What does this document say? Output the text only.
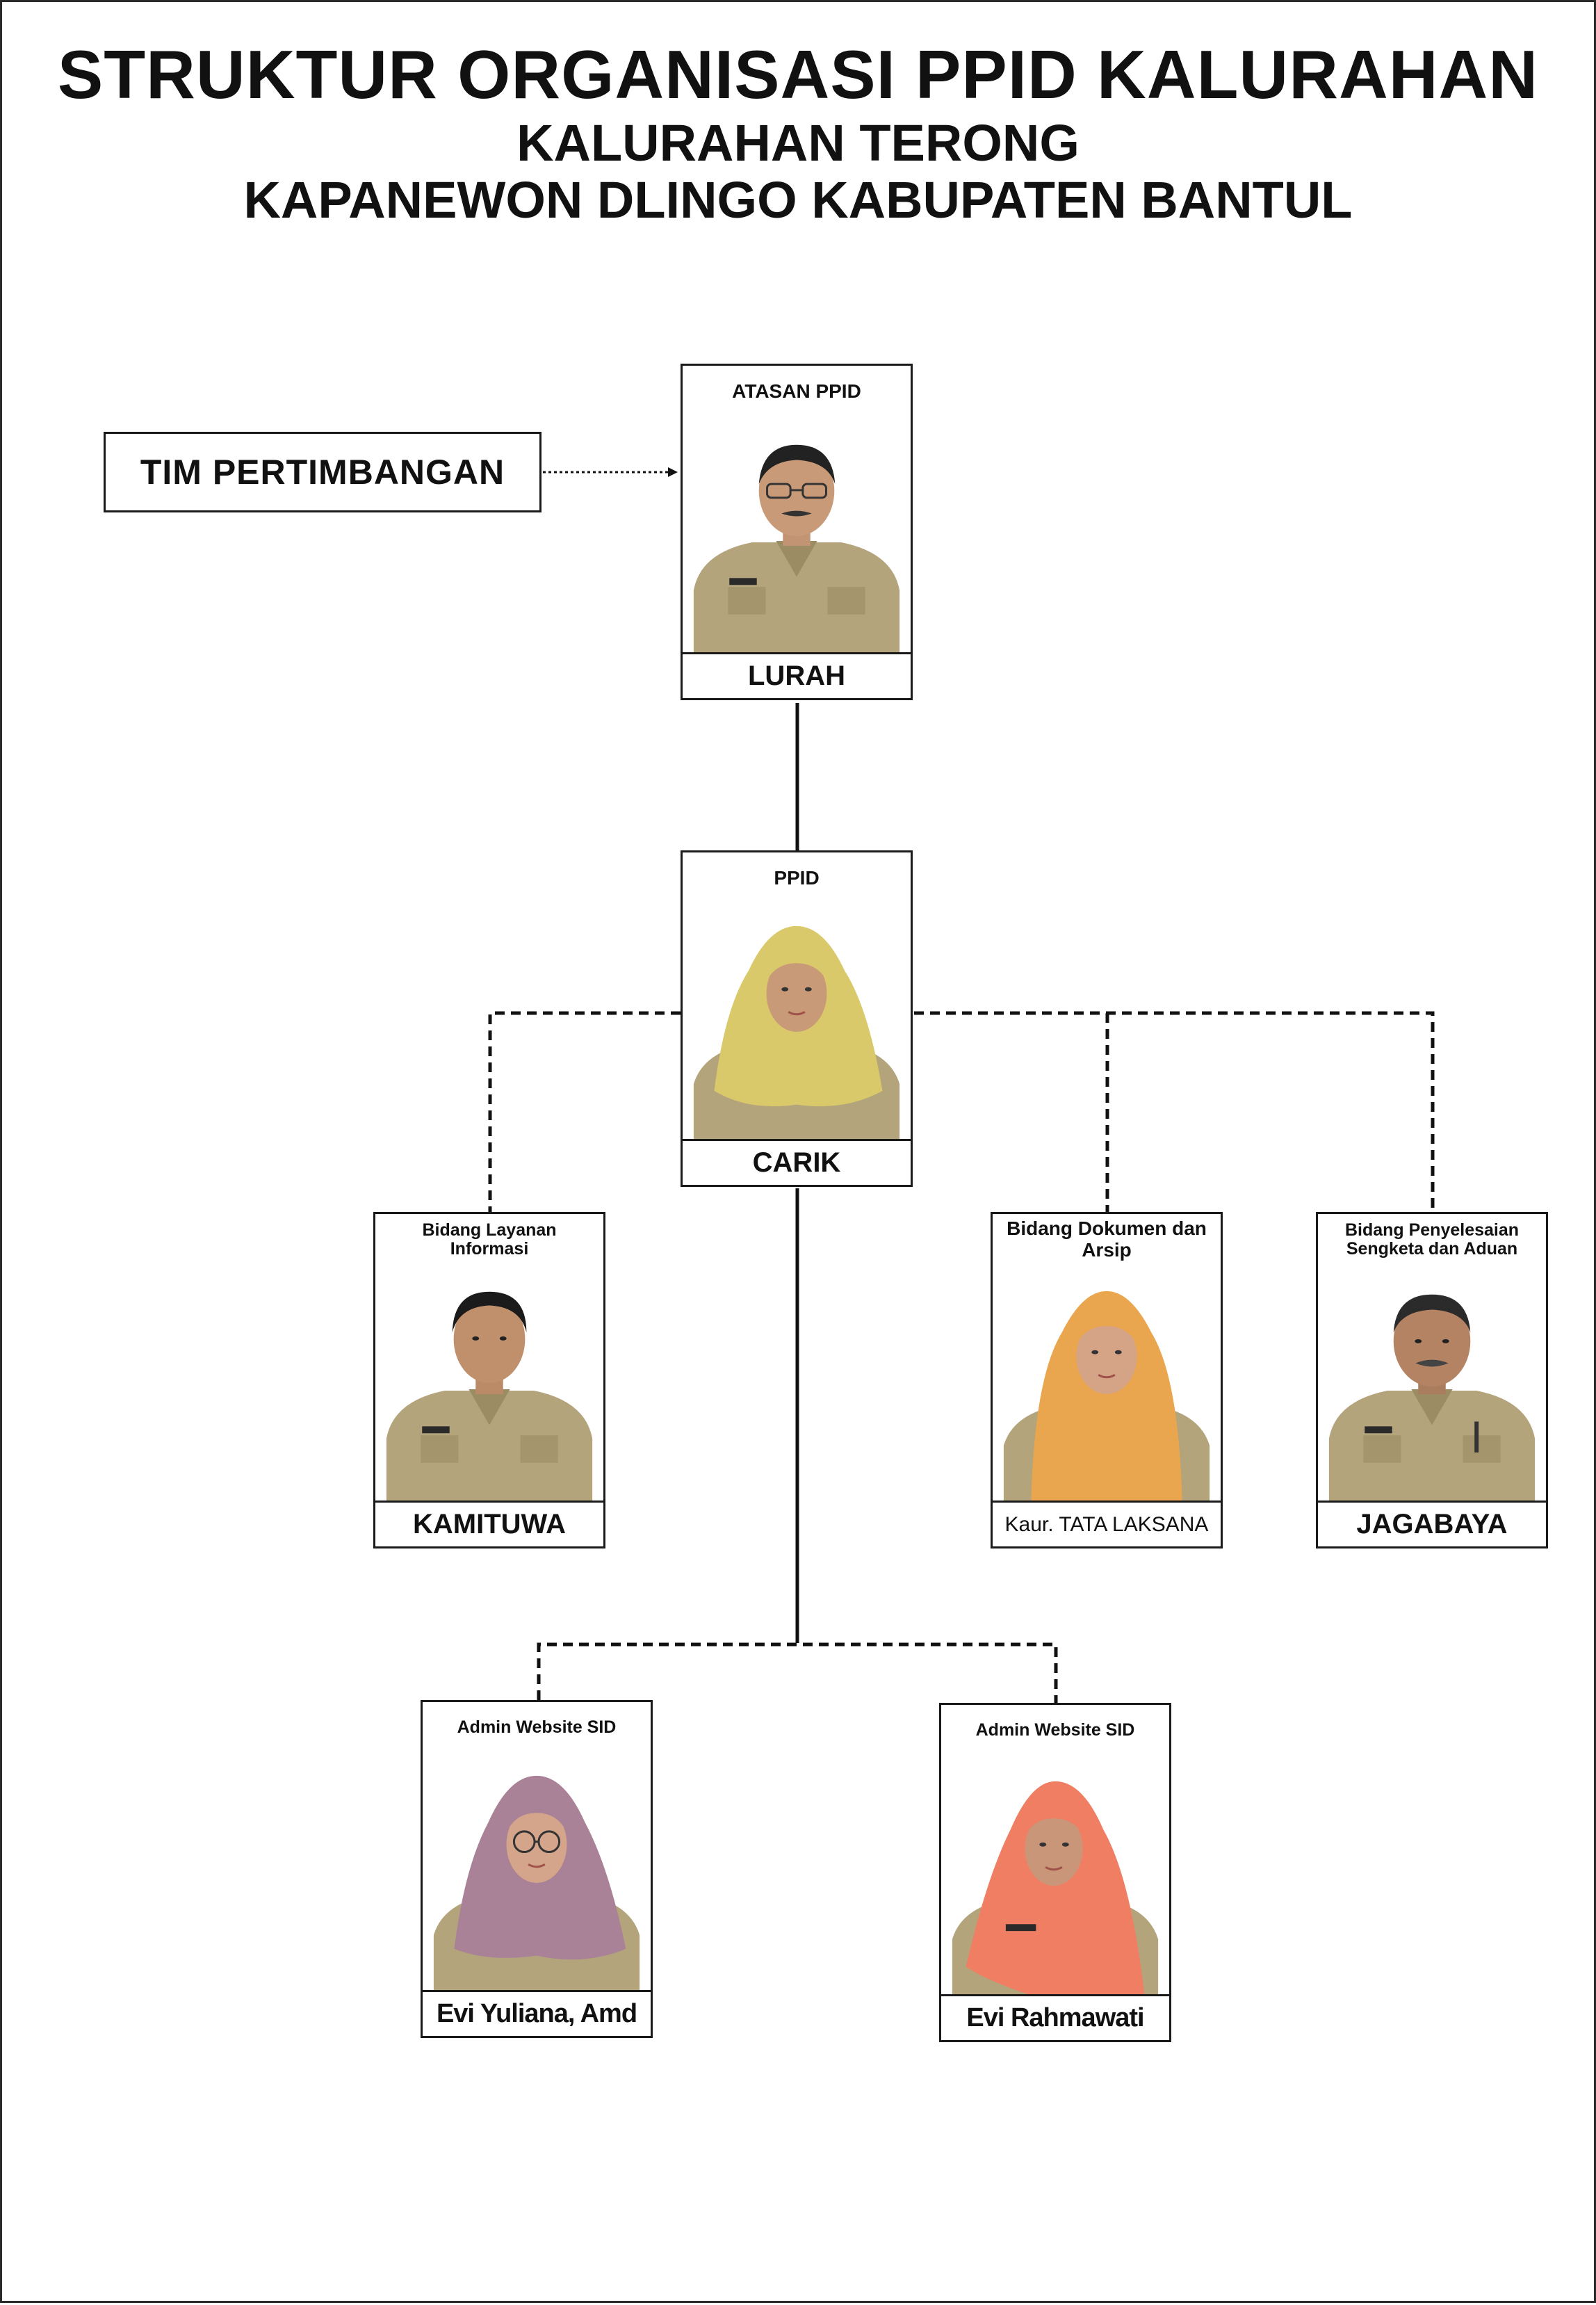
STRUKTUR ORGANISASI PPID KALURAHAN
KALURAHAN TERONG
KAPANEWON DLINGO KABUPATEN BANTUL
TIM PERTIMBANGAN
ATASAN PPID
LURAH
PPID
CARIK
Bidang Layanan Informasi
KAMITUWA
Bidang Dokumen dan Arsip
Kaur. TATA LAKSANA
Bidang Penyelesaian Sengketa dan Aduan
JAGABAYA
Admin Website SID
Evi Yuliana, Amd
Admin Website SID
Evi Rahmawati
